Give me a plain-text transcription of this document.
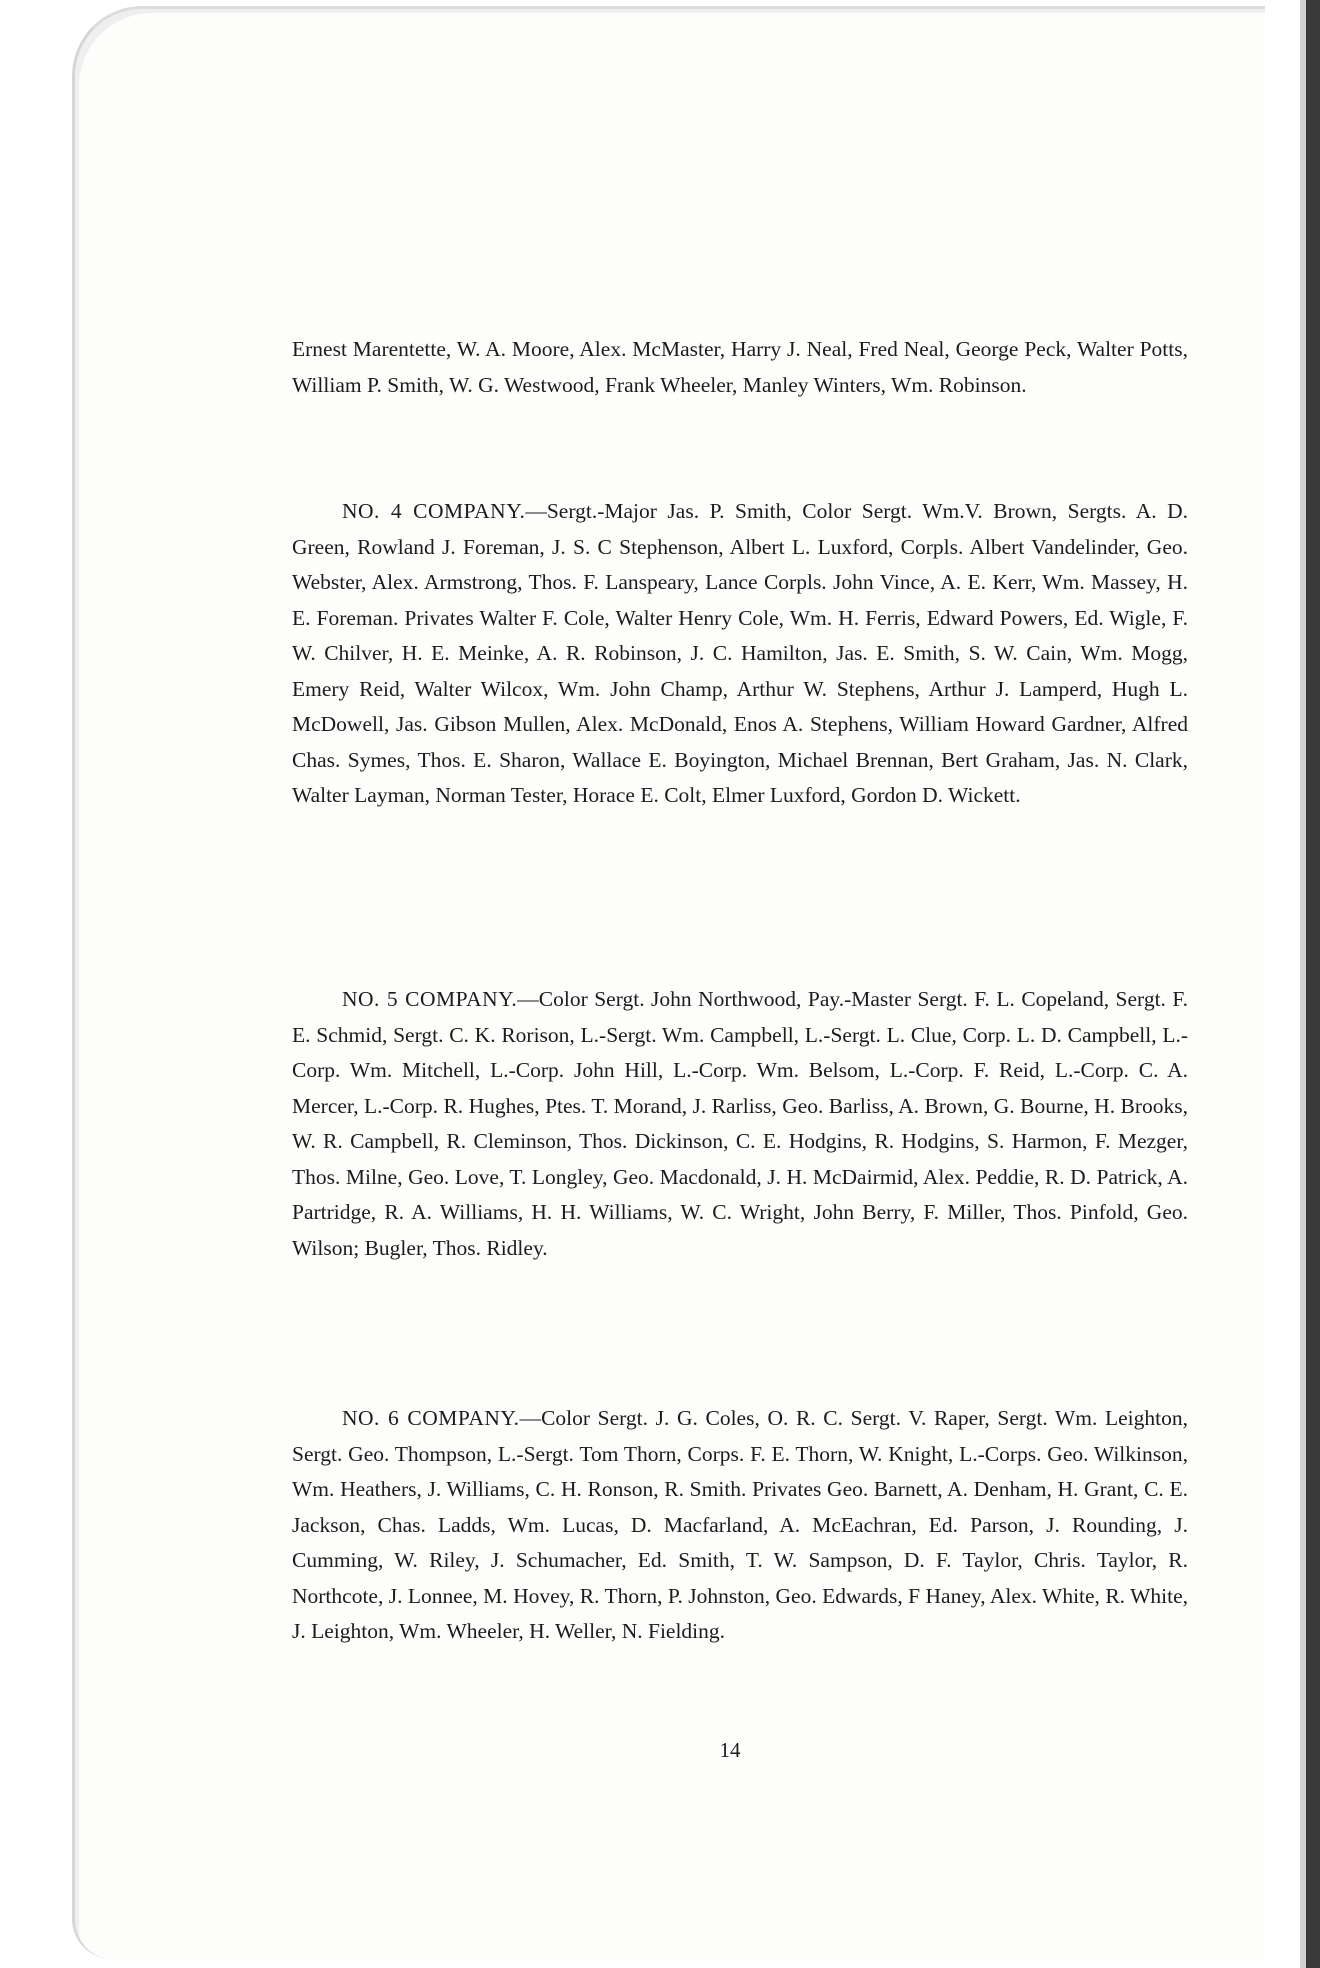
Ernest Marentette, W. A. Moore, Alex. McMaster, Harry J. Neal, Fred Neal, George Peck, Walter Potts, William P. Smith, W. G. Westwood, Frank Wheeler, Manley Winters, Wm. Robinson.

NO. 4 COMPANY.—Sergt.-Major Jas. P. Smith, Color Sergt. Wm.V. Brown, Sergts. A. D. Green, Rowland J. Foreman, J. S. C Stephenson, Albert L. Luxford, Corpls. Albert Vandelinder, Geo. Webster, Alex. Armstrong, Thos. F. Lanspeary, Lance Corpls. John Vince, A. E. Kerr, Wm. Massey, H. E. Foreman. Privates Walter F. Cole, Walter Henry Cole, Wm. H. Ferris, Edward Powers, Ed. Wigle, F. W. Chilver, H. E. Meinke, A. R. Robinson, J. C. Hamilton, Jas. E. Smith, S. W. Cain, Wm. Mogg, Emery Reid, Walter Wilcox, Wm. John Champ, Arthur W. Stephens, Arthur J. Lamperd, Hugh L. McDowell, Jas. Gibson Mullen, Alex. McDonald, Enos A. Stephens, William Howard Gardner, Alfred Chas. Symes, Thos. E. Sharon, Wallace E. Boyington, Michael Brennan, Bert Graham, Jas. N. Clark, Walter Layman, Norman Tester, Horace E. Colt, Elmer Luxford, Gordon D. Wickett.

NO. 5 COMPANY.—Color Sergt. John Northwood, Pay.-Master Sergt. F. L. Copeland, Sergt. F. E. Schmid, Sergt. C. K. Rorison, L.-Sergt. Wm. Campbell, L.-Sergt. L. Clue, Corp. L. D. Campbell, L.-Corp. Wm. Mitchell, L.-Corp. John Hill, L.-Corp. Wm. Belsom, L.-Corp. F. Reid, L.-Corp. C. A. Mercer, L.-Corp. R. Hughes, Ptes. T. Morand, J. Rarliss, Geo. Barliss, A. Brown, G. Bourne, H. Brooks, W. R. Campbell, R. Cleminson, Thos. Dickinson, C. E. Hodgins, R. Hodgins, S. Harmon, F. Mezger, Thos. Milne, Geo. Love, T. Longley, Geo. Macdonald, J. H. McDairmid, Alex. Peddie, R. D. Patrick, A. Partridge, R. A. Williams, H. H. Williams, W. C. Wright, John Berry, F. Miller, Thos. Pinfold, Geo. Wilson; Bugler, Thos. Ridley.

NO. 6 COMPANY.—Color Sergt. J. G. Coles, O. R. C. Sergt. V. Raper, Sergt. Wm. Leighton, Sergt. Geo. Thompson, L.-Sergt. Tom Thorn, Corps. F. E. Thorn, W. Knight, L.-Corps. Geo. Wilkinson, Wm. Heathers, J. Williams, C. H. Ronson, R. Smith. Privates Geo. Barnett, A. Denham, H. Grant, C. E. Jackson, Chas. Ladds, Wm. Lucas, D. Macfarland, A. McEachran, Ed. Parson, J. Rounding, J. Cumming, W. Riley, J. Schumacher, Ed. Smith, T. W. Sampson, D. F. Taylor, Chris. Taylor, R. Northcote, J. Lonnee, M. Hovey, R. Thorn, P. Johnston, Geo. Edwards, F Haney, Alex. White, R. White, J. Leighton, Wm. Wheeler, H. Weller, N. Fielding.

14
